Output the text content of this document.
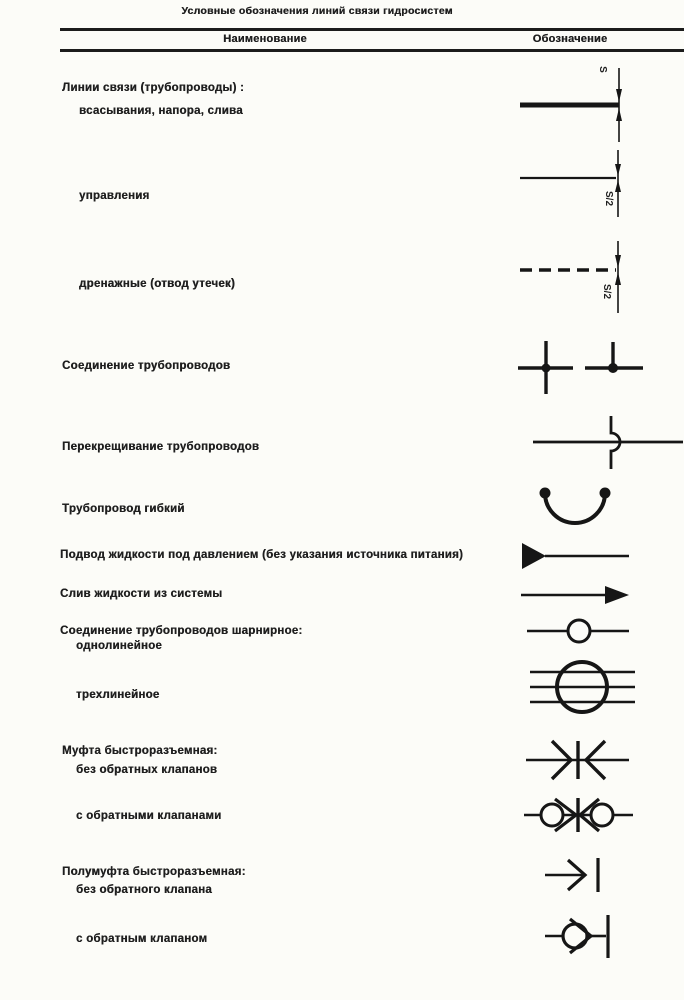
Условные обозначения линий связи гидросистем
Наименование	Обозначение
Линии связи (трубопроводы) :
всасывания, напора, слива
управления
дренажные (отвод утечек)
Соединение трубопроводов
Перекрещивание трубопроводов
Трубопровод гибкий
Подвод жидкости под давлением (без указания источника питания)
Слив жидкости из системы
Соединение трубопроводов шарнирное:
однолинейное
трехлинейное
Муфта быстроразъемная:
без обратных клапанов
с обратными клапанами
Полумуфта быстроразъемная:
без обратного клапана
с обратным клапаном
S
S/2
S/2
